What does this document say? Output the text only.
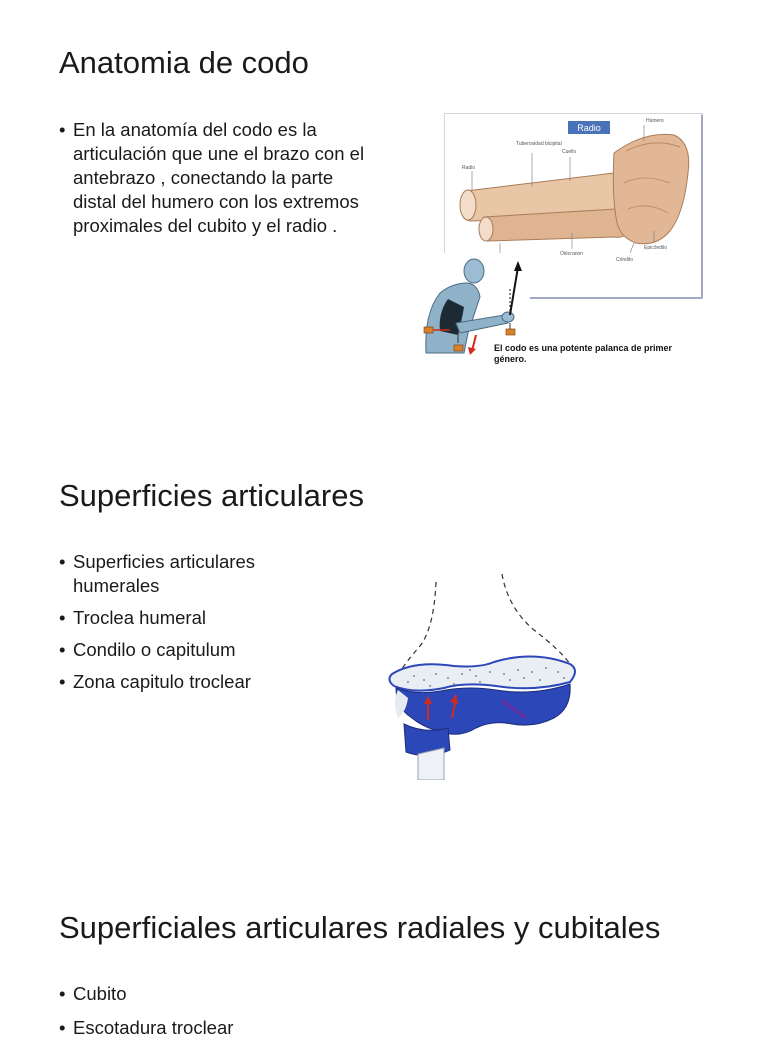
Anatomia de codo
• En la anatomía del codo es la articulación que une el brazo con el antebrazo , conectando la parte distal del humero con los extremos proximales del cubito y el radio .
Radio
Húmero
Tuberosidad bicipital
Cuello
Radio
Olécranon
Epicóndilo
Cóndilo
El codo es una potente palanca de primer género.
Superficies articulares
• Superficies articulares humerales
• Troclea humeral
• Condilo o capitulum
• Zona capitulo troclear
Superficiales articulares radiales y cubitales
• Cubito
• Escotadura troclear
